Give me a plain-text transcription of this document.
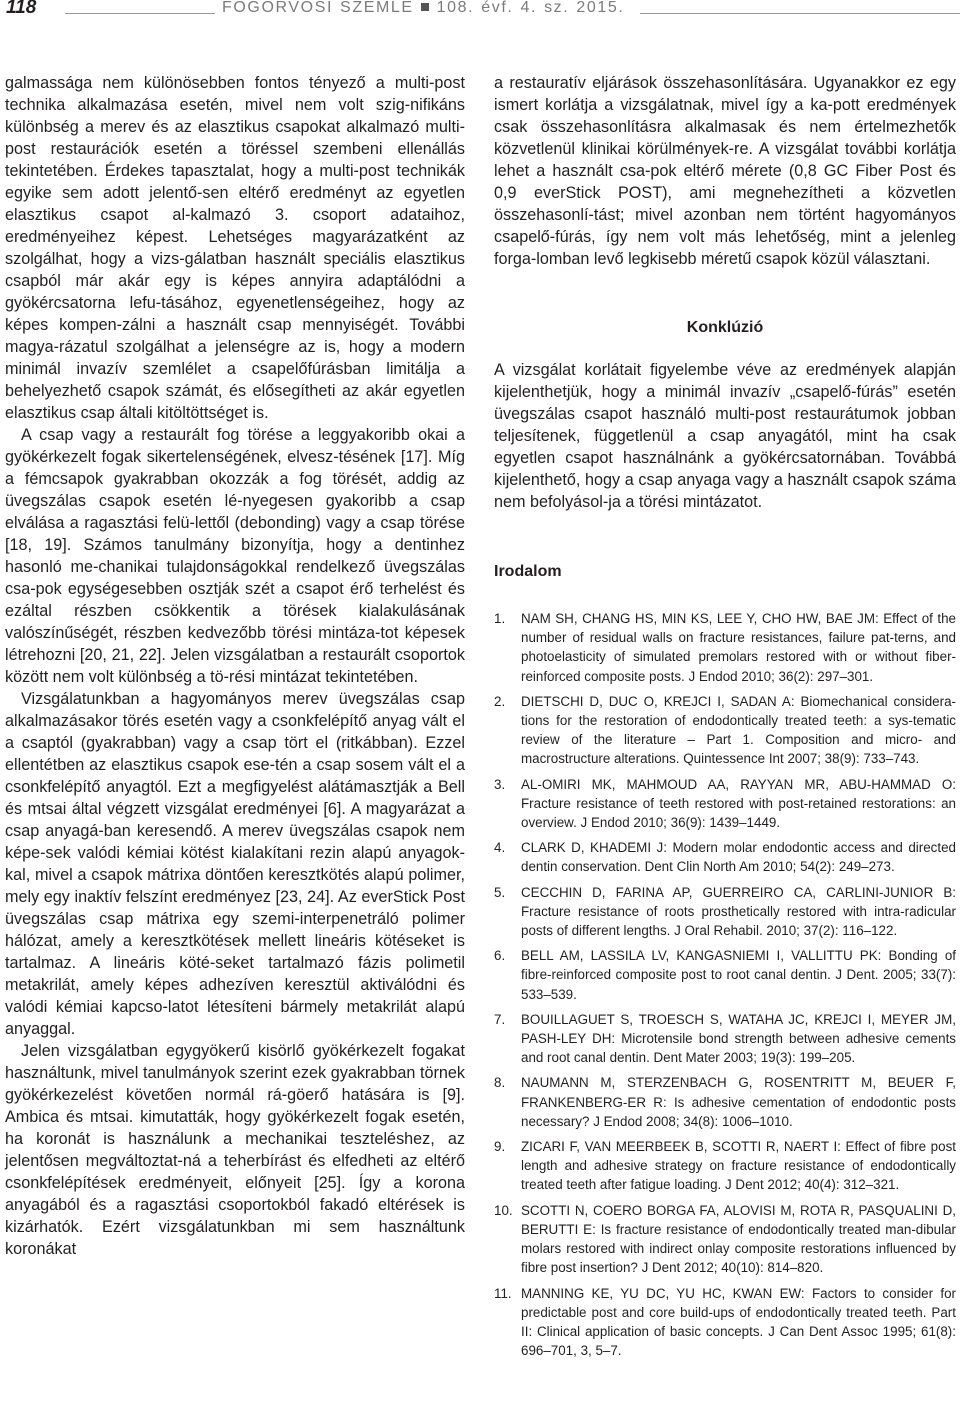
118	FOGORVOSI SZEMLE 108. évf. 4. sz. 2015.

galmassága nem különösebben fontos tényező a multi-post technika alkalmazása esetén, mivel nem volt szig-nifikáns különbség a merev és az elasztikus csapokat alkalmazó multi-post restaurációk esetén a töréssel szembeni ellenállás tekintetében. Érdekes tapasztalat, hogy a multi-post technikák egyike sem adott jelentő-sen eltérő eredményt az egyetlen elasztikus csapot al-kalmazó 3. csoport adataihoz, eredményeihez képest. Lehetséges magyarázatként az szolgálhat, hogy a vizs-gálatban használt speciális elasztikus csapból már akár egy is képes annyira adaptálódni a gyökércsatorna lefu-tásához, egyenetlenségeihez, hogy az képes kompen-zálni a használt csap mennyiségét. További magya-rázatul szolgálhat a jelenségre az is, hogy a modern minimál invazív szemlélet a csapelőfúrásban limitálja a behelyezhető csapok számát, és elősegítheti az akár egyetlen elasztikus csap általi kitöltöttséget is.

A csap vagy a restaurált fog törése a leggyakoribb okai a gyökérkezelt fogak sikertelenségének, elvesz-tésének [17]. Míg a fémcsapok gyakrabban okozzák a fog törését, addig az üvegszálas csapok esetén lé-nyegesen gyakoribb a csap elválása a ragasztási felü-lettől (debonding) vagy a csap törése [18, 19]. Számos tanulmány bizonyítja, hogy a dentinhez hasonló me-chanikai tulajdonságokkal rendelkező üvegszálas csa-pok egységesebben osztják szét a csapot érő terhelést és ezáltal részben csökkentik a törések kialakulásának valószínűségét, részben kedvezőbb törési mintáza-tot képesek létrehozni [20, 21, 22]. Jelen vizsgálatban a restaurált csoportok között nem volt különbség a tö-rési mintázat tekintetében.

Vizsgálatunkban a hagyományos merev üvegszálas csap alkalmazásakor törés esetén vagy a csonkfelépítő anyag vált el a csaptól (gyakrabban) vagy a csap tört el (ritkábban). Ezzel ellentétben az elasztikus csapok ese-tén a csap sosem vált el a csonkfelépítő anyagtól. Ezt a megfigyelést alátámasztják a Bell és mtsai által végzett vizsgálat eredményei [6]. A magyarázat a csap anyagá-ban keresendő. A merev üvegszálas csapok nem képe-sek valódi kémiai kötést kialakítani rezin alapú anyagok-kal, mivel a csapok mátrixa döntően keresztkötés alapú polimer, mely egy inaktív felszínt eredményez [23, 24]. Az everStick Post üvegszálas csap mátrixa egy szemi-interpenetráló polimer hálózat, amely a keresztkötések mellett lineáris kötéseket is tartalmaz. A lineáris köté-seket tartalmazó fázis polimetil metakrilát, amely képes adhezíven keresztül aktiválódni és valódi kémiai kapcso-latot létesíteni bármely metakrilát alapú anyaggal.

Jelen vizsgálatban egygyökerű kisörlő gyökérkezelt fogakat használtunk, mivel tanulmányok szerint ezek gyakrabban törnek gyökérkezelést követően normál rá-göerő hatására is [9]. Ambica és mtsai. kimutatták, hogy gyökérkezelt fogak esetén, ha koronát is használunk a mechanikai teszteléshez, az jelentősen megváltoztat-ná a teherbírást és elfedheti az eltérő csonkfelépítések eredményeit, előnyeit [25]. Így a korona anyagából és a ragasztási csoportokból fakadó eltérések is kizárhatók. Ezért vizsgálatunkban mi sem használtunk koronákat

a restauratív eljárások összehasonlítására. Ugyanakkor ez egy ismert korlátja a vizsgálatnak, mivel így a ka-pott eredmények csak összehasonlításra alkalmasak és nem értelmezhetők közvetlenül klinikai körülmények-re. A vizsgálat további korlátja lehet a használt csa-pok eltérő mérete (0,8 GC Fiber Post és 0,9 everStick POST), ami megnehezítheti a közvetlen összehasonlí-tást; mivel azonban nem történt hagyományos csapelő-fúrás, így nem volt más lehetőség, mint a jelenleg forga-lomban levő legkisebb méretű csapok közül választani.

Konklúzió

A vizsgálat korlátait figyelembe véve az eredmények alapján kijelenthetjük, hogy a minimál invazív „csapelő-fúrás” esetén üvegszálas csapot használó multi-post restaurátumok jobban teljesítenek, függetlenül a csap anyagától, mint ha csak egyetlen csapot használnánk a gyökércsatornában. Továbbá kijelenthető, hogy a csap anyaga vagy a használt csapok száma nem befolyásol-ja a törési mintázatot.

Irodalom
1.	NAM SH, CHANG HS, MIN KS, LEE Y, CHO HW, BAE JM: Effect of the number of residual walls on fracture resistances, failure pat-terns, and photoelasticity of simulated premolars restored with or without fiber-reinforced composite posts. J Endod 2010; 36(2): 297–301.
2.	DIETSCHI D, DUC O, KREJCI I, SADAN A: Biomechanical considera-tions for the restoration of endodontically treated teeth: a sys-tematic review of the literature – Part 1. Composition and micro- and macrostructure alterations. Quintessence Int 2007; 38(9): 733–743.
3.	AL-OMIRI MK, MAHMOUD AA, RAYYAN MR, ABU-HAMMAD O: Fracture resistance of teeth restored with post-retained restorations: an overview. J Endod 2010; 36(9): 1439–1449.
4.	CLARK D, KHADEMI J: Modern molar endodontic access and directed dentin conservation. Dent Clin North Am 2010; 54(2): 249–273.
5.	CECCHIN D, FARINA AP, GUERREIRO CA, CARLINI-JUNIOR B: Fracture resistance of roots prosthetically restored with intra-radicular posts of different lengths. J Oral Rehabil. 2010; 37(2): 116–122.
6.	BELL AM, LASSILA LV, KANGASNIEMI I, VALLITTU PK: Bonding of fibre-reinforced composite post to root canal dentin. J Dent. 2005; 33(7): 533–539.
7.	BOUILLAGUET S, TROESCH S, WATAHA JC, KREJCI I, MEYER JM, PASH-LEY DH: Microtensile bond strength between adhesive cements and root canal dentin. Dent Mater 2003; 19(3): 199–205.
8.	NAUMANN M, STERZENBACH G, ROSENTRITT M, BEUER F, FRANKENBERG-ER R: Is adhesive cementation of endodontic posts necessary? J Endod 2008; 34(8): 1006–1010.
9.	ZICARI F, VAN MEERBEEK B, SCOTTI R, NAERT I: Effect of fibre post length and adhesive strategy on fracture resistance of endodontically treated teeth after fatigue loading. J Dent 2012; 40(4): 312–321.
10. SCOTTI N, COERO BORGA FA, ALOVISI M, ROTA R, PASQUALINI D, BERUTTI E: Is fracture resistance of endodontically treated man-dibular molars restored with indirect onlay composite restorations influenced by fibre post insertion? J Dent 2012; 40(10): 814–820.
11. MANNING KE, YU DC, YU HC, KWAN EW: Factors to consider for predictable post and core build-ups of endodontically treated teeth. Part II: Clinical application of basic concepts. J Can Dent Assoc 1995; 61(8): 696–701, 3, 5–7.
